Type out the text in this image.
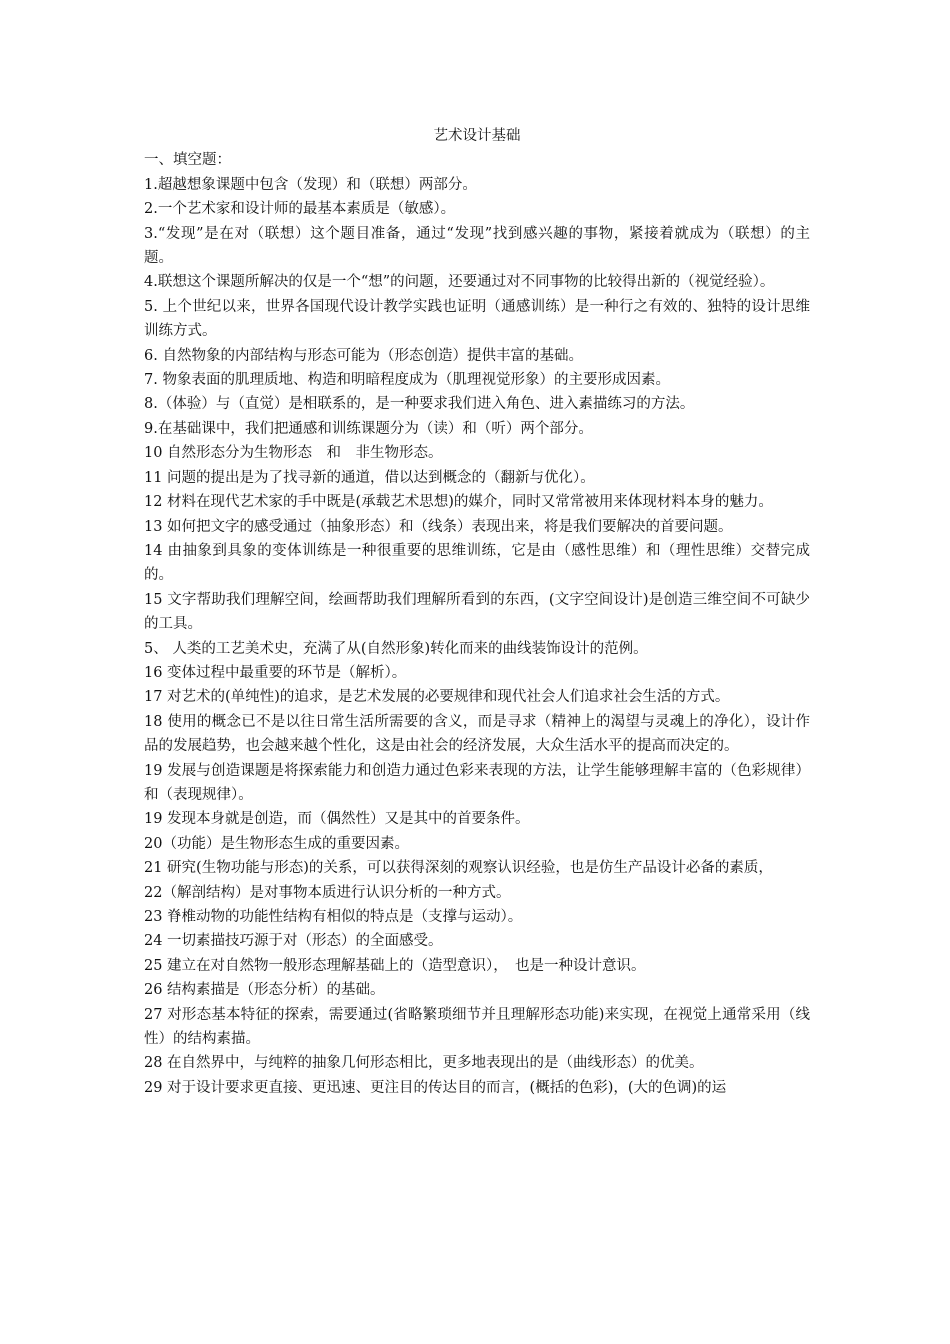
艺术设计基础

一、填空题：

1.超越想象课题中包含（发现）和（联想）两部分。

2.一个艺术家和设计师的最基本素质是（敏感）。

3.“发现”是在对（联想）这个题目准备，通过“发现”找到感兴趣的事物，紧接着就成为（联想）的主题。

4.联想这个课题所解决的仅是一个“想”的问题，还要通过对不同事物的比较得出新的（视觉经验）。

5. 上个世纪以来，世界各国现代设计教学实践也证明（通感训练）是一种行之有效的、独特的设计思维训练方式。

6. 自然物象的内部结构与形态可能为（形态创造）提供丰富的基础。

7. 物象表面的肌理质地、构造和明暗程度成为（肌理视觉形象）的主要形成因素。

8.（体验）与（直觉）是相联系的，是一种要求我们进入角色、进入素描练习的方法。

9.在基础课中，我们把通感和训练课题分为（读）和（听）两个部分。

10 自然形态分为生物形态　和　非生物形态。

11 问题的提出是为了找寻新的通道，借以达到概念的（翻新与优化）。

12 材料在现代艺术家的手中既是(承载艺术思想)的媒介，同时又常常被用来体现材料本身的魅力。

13 如何把文字的感受通过（抽象形态）和（线条）表现出来，将是我们要解决的首要问题。

14 由抽象到具象的变体训练是一种很重要的思维训练，它是由（感性思维）和（理性思维）交替完成的。

15 文字帮助我们理解空间，绘画帮助我们理解所看到的东西，(文字空间设计)是创造三维空间不可缺少的工具。

5、 人类的工艺美术史，充满了从(自然形象)转化而来的曲线装饰设计的范例。

16 变体过程中最重要的环节是（解析）。

17 对艺术的(单纯性)的追求，是艺术发展的必要规律和现代社会人们追求社会生活的方式。

18 使用的概念已不是以往日常生活所需要的含义，而是寻求（精神上的渴望与灵魂上的净化），设计作品的发展趋势，也会越来越个性化，这是由社会的经济发展，大众生活水平的提高而决定的。

19 发展与创造课题是将探索能力和创造力通过色彩来表现的方法，让学生能够理解丰富的（色彩规律）和（表现规律）。

19 发现本身就是创造，而（偶然性）又是其中的首要条件。

20（功能）是生物形态生成的重要因素。

21 研究(生物功能与形态)的关系，可以获得深刻的观察认识经验，也是仿生产品设计必备的素质，

22（解剖结构）是对事物本质进行认识分析的一种方式。

23 脊椎动物的功能性结构有相似的特点是（支撑与运动）。

24 一切素描技巧源于对（形态）的全面感受。

25 建立在对自然物一般形态理解基础上的（造型意识），　也是一种设计意识。

26 结构素描是（形态分析）的基础。

27 对形态基本特征的探索，需要通过(省略繁琐细节并且理解形态功能)来实现，在视觉上通常采用（线性）的结构素描。

28 在自然界中，与纯粹的抽象几何形态相比，更多地表现出的是（曲线形态）的优美。

29 对于设计要求更直接、更迅速、更注目的传达目的而言，(概括的色彩)，(大的色调)的运
